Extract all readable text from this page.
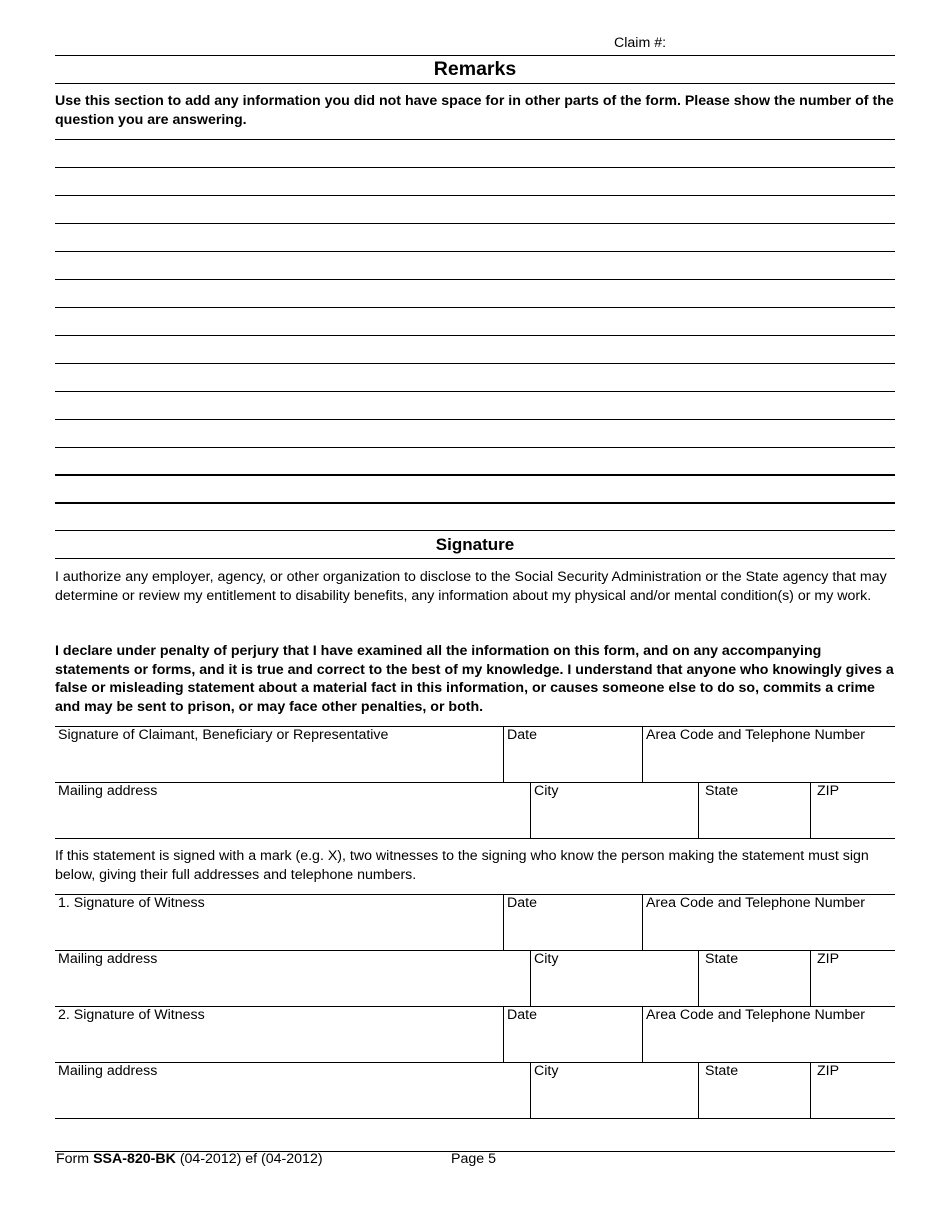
Claim #:
Remarks
Use this section to add any information you did not have space for in other parts of the form. Please show the number of the question you are answering.
Signature
I authorize any employer, agency, or other organization to disclose to the Social Security Administration or the State agency that may determine or review my entitlement to disability benefits, any information about my physical and/or mental condition(s) or my work.
I declare under penalty of perjury that I have examined all the information on this form, and on any accompanying statements or forms, and it is true and correct to the best of my knowledge. I understand that anyone who knowingly gives a false or misleading statement about a material fact in this information, or causes someone else to do so, commits a crime and may be sent to prison, or may face other penalties, or both.
Signature of Claimant, Beneficiary or Representative	Date	Area Code and Telephone Number
Mailing address	City	State	ZIP
If this statement is signed with a mark (e.g. X), two witnesses to the signing who know the person making the statement must sign below, giving their full addresses and telephone numbers.
1. Signature of Witness	Date	Area Code and Telephone Number
Mailing address	City	State	ZIP
2. Signature of Witness	Date	Area Code and Telephone Number
Mailing address	City	State	ZIP
Form SSA-820-BK (04-2012) ef (04-2012)	Page 5
